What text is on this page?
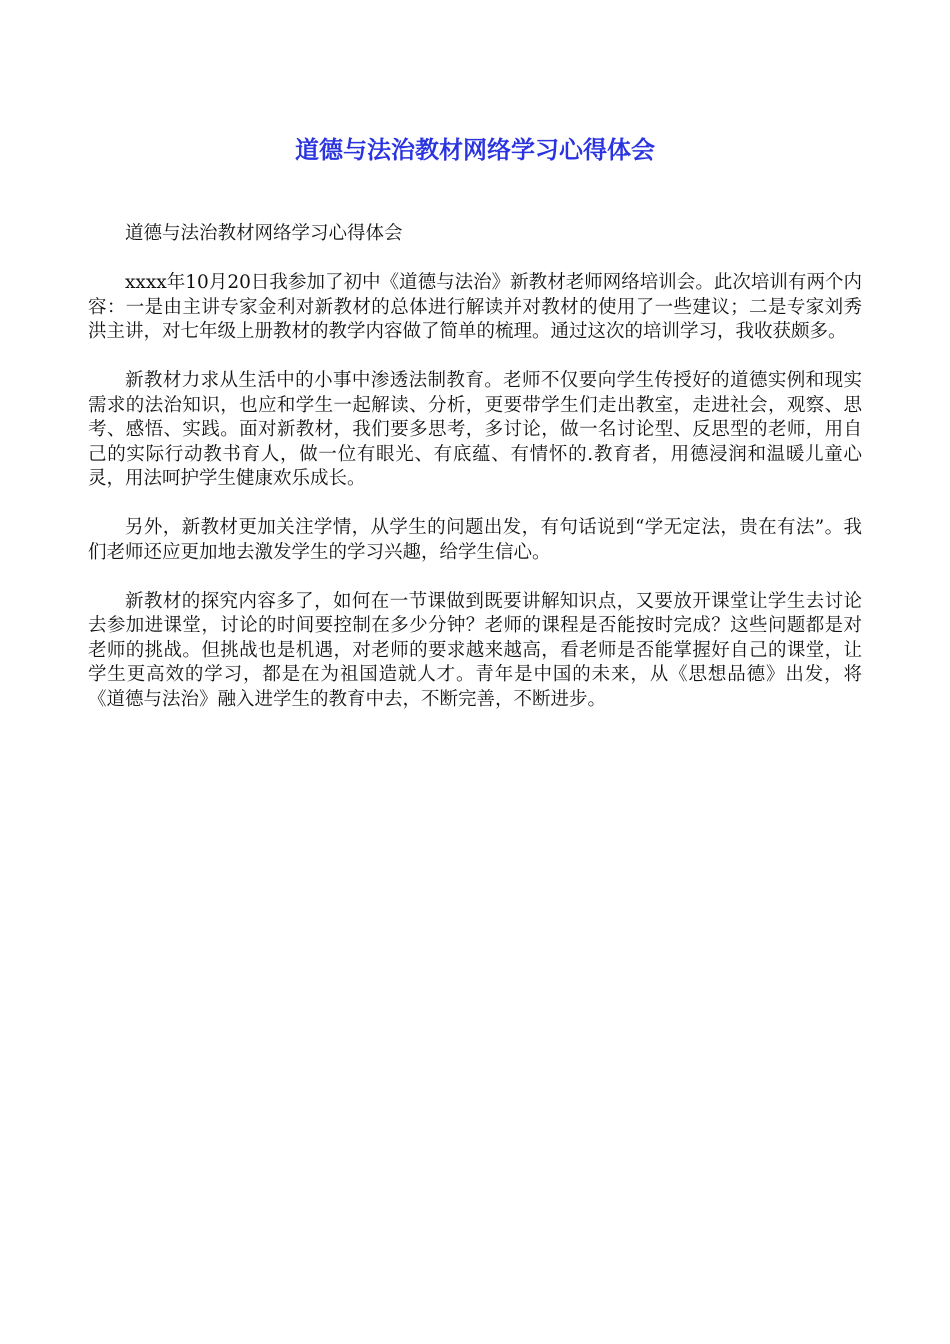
道德与法治教材网络学习心得体会

道德与法治教材网络学习心得体会

xxxx年10月20日我参加了初中《道德与法治》新教材老师网络培训会。此次培训有两个内容：一是由主讲专家金利对新教材的总体进行解读并对教材的使用了一些建议；二是专家刘秀洪主讲，对七年级上册教材的教学内容做了简单的梳理。通过这次的培训学习，我收获颇多。

新教材力求从生活中的小事中渗透法制教育。老师不仅要向学生传授好的道德实例和现实需求的法治知识，也应和学生一起解读、分析，更要带学生们走出教室，走进社会，观察、思考、感悟、实践。面对新教材，我们要多思考，多讨论，做一名讨论型、反思型的老师，用自己的实际行动教书育人，做一位有眼光、有底蕴、有情怀的.教育者，用德浸润和温暖儿童心灵，用法呵护学生健康欢乐成长。

另外，新教材更加关注学情，从学生的问题出发，有句话说到“学无定法，贵在有法”。我们老师还应更加地去激发学生的学习兴趣，给学生信心。

新教材的探究内容多了，如何在一节课做到既要讲解知识点，又要放开课堂让学生去讨论去参加进课堂，讨论的时间要控制在多少分钟？老师的课程是否能按时完成？这些问题都是对老师的挑战。但挑战也是机遇，对老师的要求越来越高，看老师是否能掌握好自己的课堂，让学生更高效的学习，都是在为祖国造就人才。青年是中国的未来，从《思想品德》出发，将《道德与法治》融入进学生的教育中去，不断完善，不断进步。
